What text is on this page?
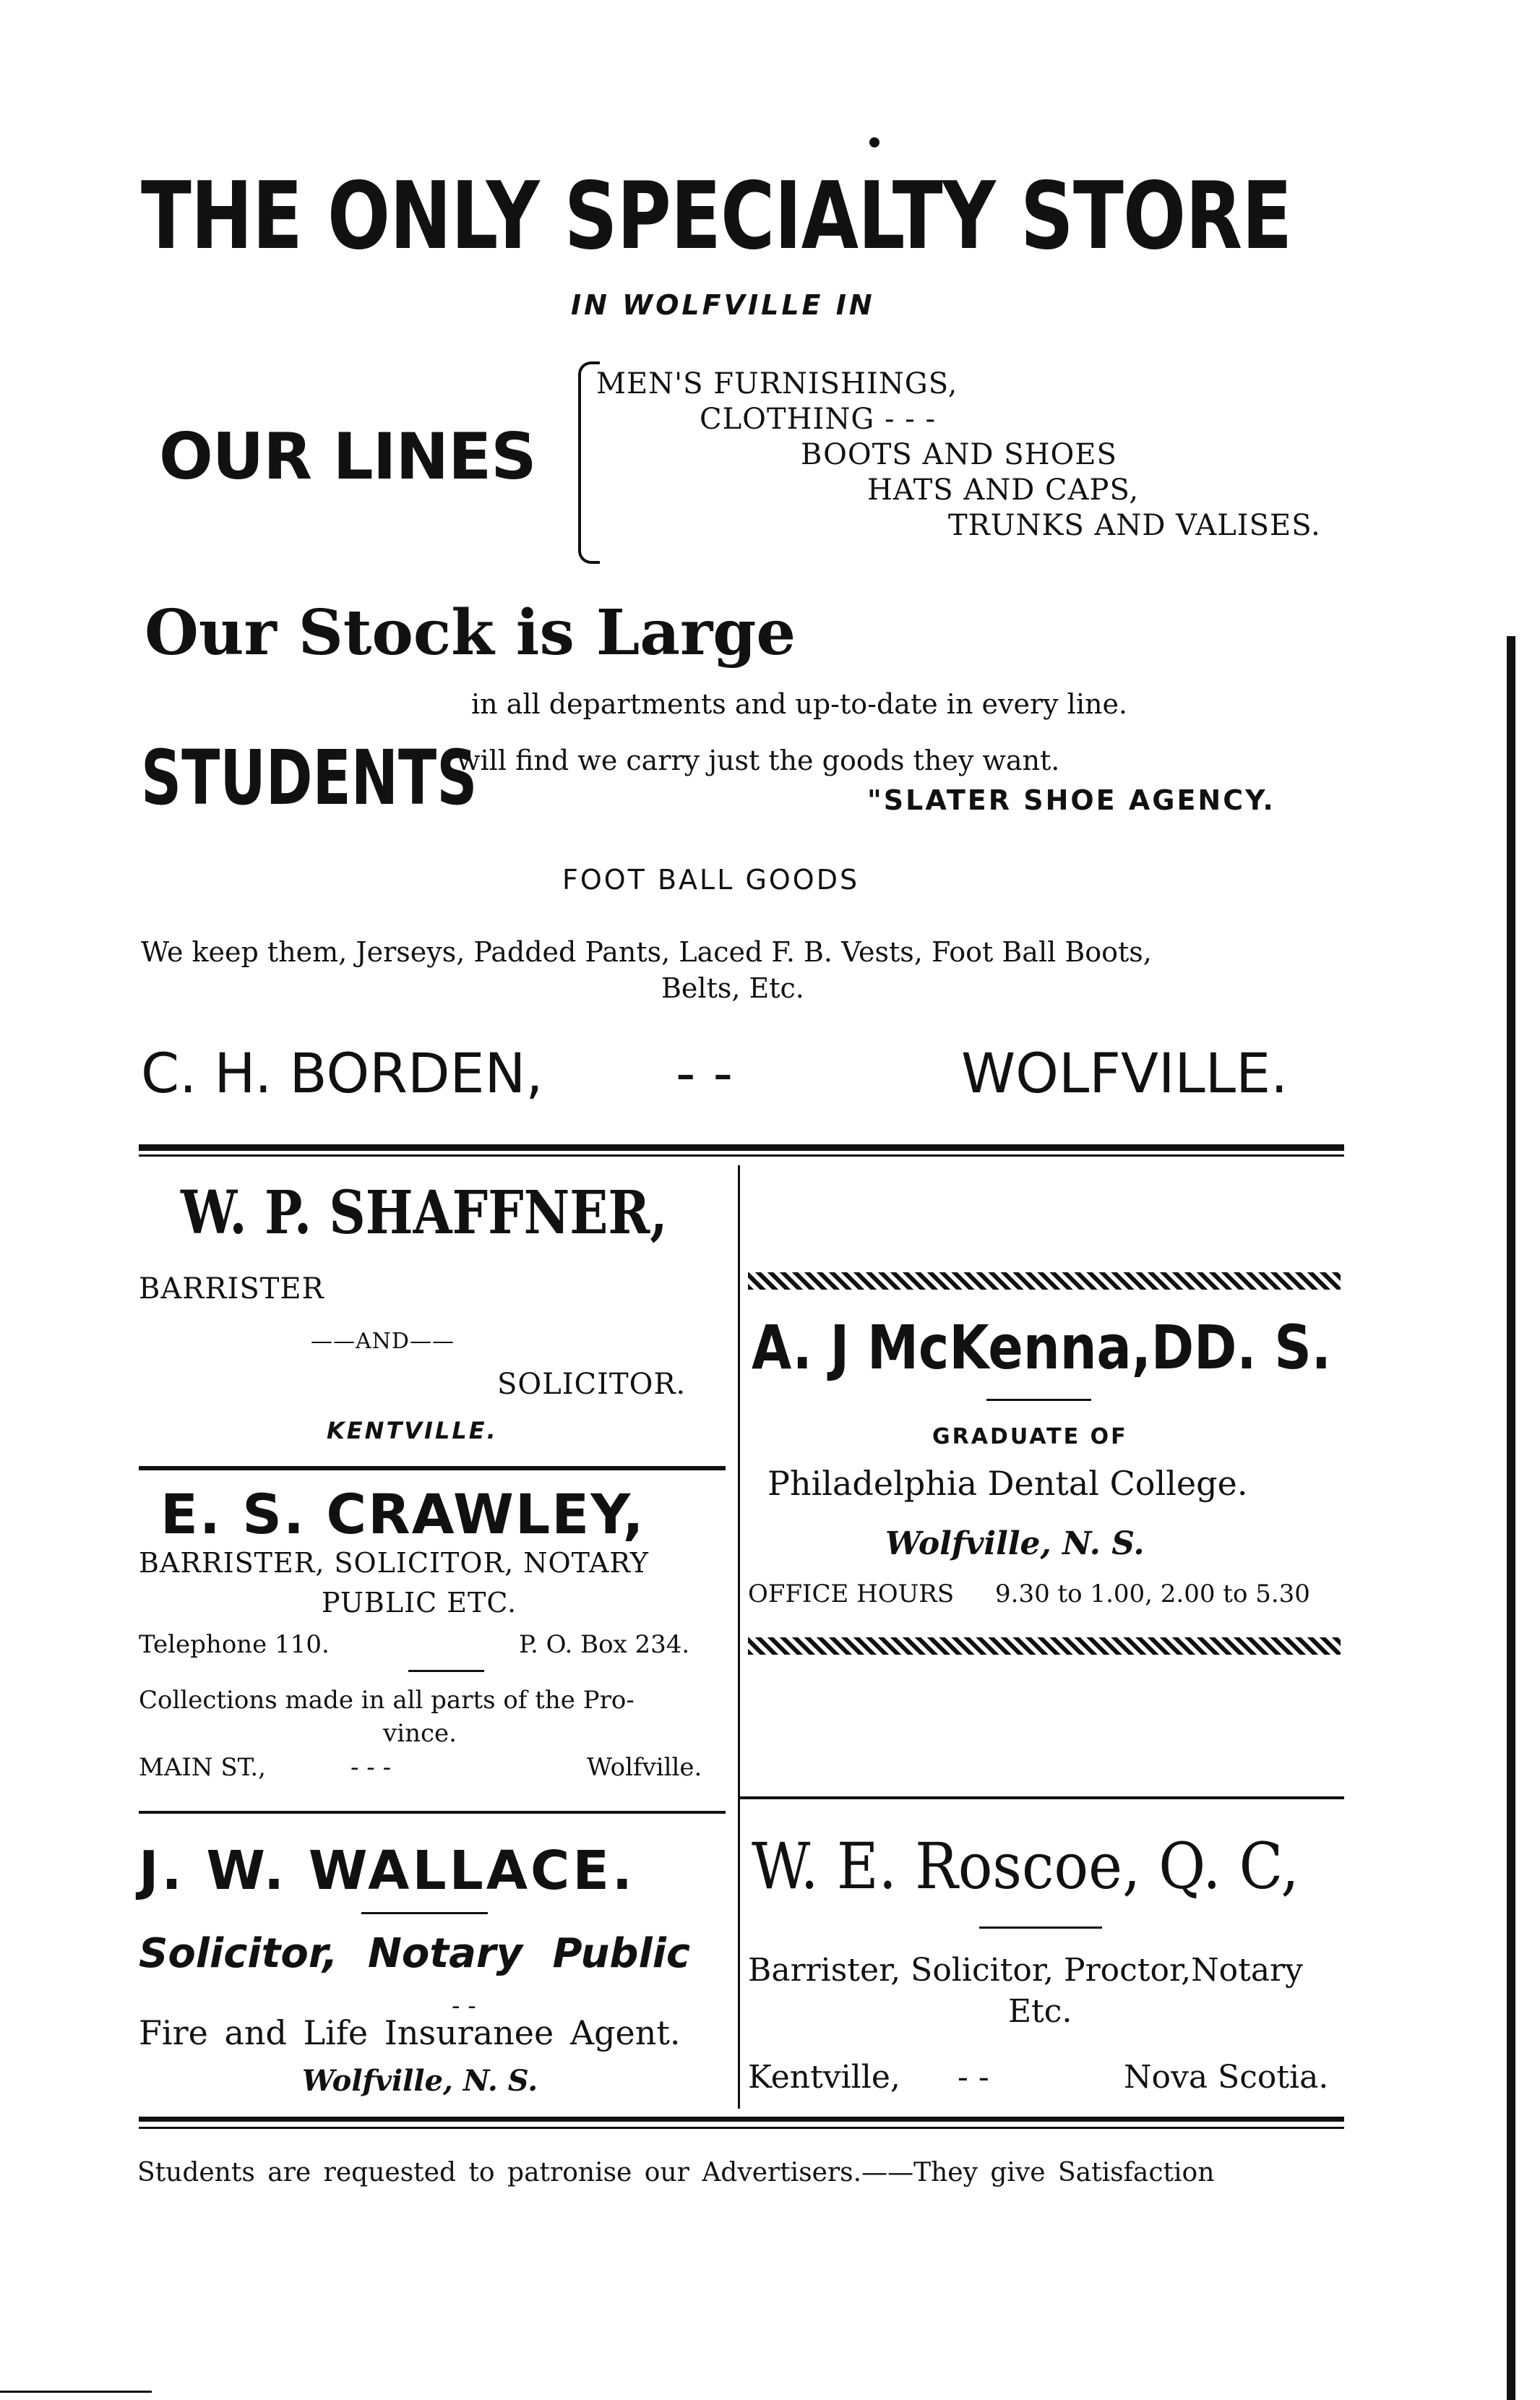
THE ONLY SPECIALTY STORE
IN WOLFVILLE IN
OUR LINES
MEN'S FURNISHINGS,
CLOTHING - - -
BOOTS AND SHOES
HATS AND CAPS,
TRUNKS AND VALISES.
Our Stock is Large
in all departments and up-to-date in every line.
STUDENTS
will find we carry just the goods they want.
"SLATER SHOE AGENCY.
FOOT BALL GOODS
We keep them, Jerseys, Padded Pants, Laced F. B. Vests, Foot Ball Boots,
Belts, Etc.
C. H. BORDEN, - -	WOLFVILLE.
W. P. SHAFFNER,
BARRISTER
——AND——
SOLICITOR.
KENTVILLE.
E. S. CRAWLEY,
BARRISTER, SOLICITOR, NOTARY
PUBLIC ETC.
Telephone 110.	P. O. Box 234.
Collections made in all parts of the Pro-
vince.
MAIN ST.,	- - -	Wolfville.
A. J McKenna,DD. S.
GRADUATE OF
Philadelphia Dental College.
Wolfville, N. S.
OFFICE HOURS 9.30 to 1.00, 2.00 to 5.30
J. W. WALLACE.
Solicitor, Notary Public
- -
Fire and Life Insuranee Agent.
Wolfville, N. S.
W. E. Roscoe, Q. C,
Barrister, Solicitor, Proctor,Notary
Etc.
Kentville, - -	Nova Scotia.
Students are requested to patronise our Advertisers.——They give Satisfaction
